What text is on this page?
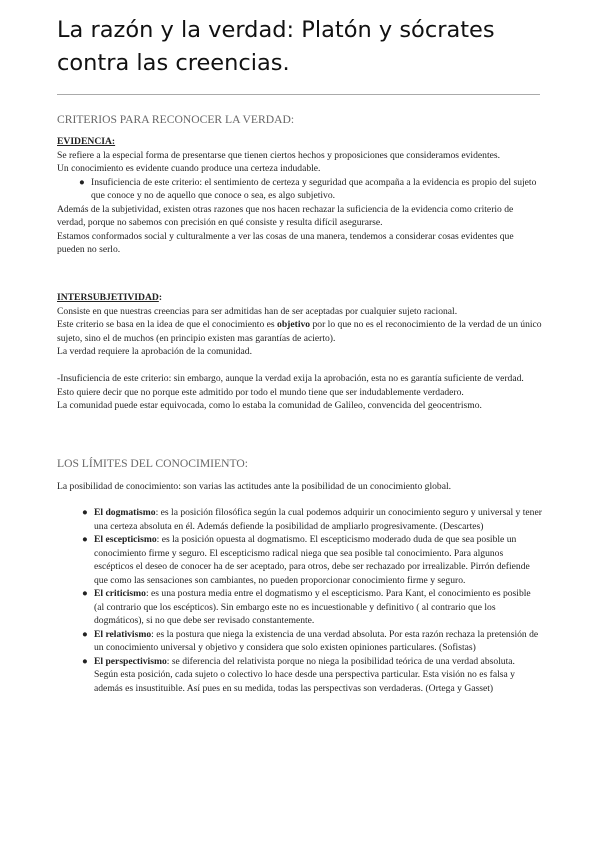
La razón y la verdad: Platón y sócrates
contra las creencias.
CRITERIOS PARA RECONOCER LA VERDAD:

EVIDENCIA:

Se refiere a la especial forma de presentarse que tienen ciertos hechos y proposiciones que consideramos evidentes.

Un conocimiento es evidente cuando produce una certeza indudable.

● Insuficiencia de este criterio: el sentimiento de certeza y seguridad que acompaña a la evidencia es propio del sujeto que conoce y no de aquello que conoce o sea, es algo subjetivo.

Además de la subjetividad, existen otras razones que nos hacen rechazar la suficiencia de la evidencia como criterio de verdad, porque no sabemos con precisión en qué consiste y resulta difícil asegurarse.

Estamos conformados social y culturalmente a ver las cosas de una manera, tendemos a considerar cosas evidentes que pueden no serlo.

INTERSUBJETIVIDAD:

Consiste en que nuestras creencias para ser admitidas han de ser aceptadas por cualquier sujeto racional.

Este criterio se basa en la idea de que el conocimiento es objetivo por lo que no es el reconocimiento de la verdad de un único sujeto, sino el de muchos (en principio existen mas garantías de acierto).

La verdad requiere la aprobación de la comunidad.

-Insuficiencia de este criterio: sin embargo, aunque la verdad exija la aprobación, esta no es garantía suficiente de verdad. Esto quiere decir que no porque este admitido por todo el mundo tiene que ser indudablemente verdadero.

La comunidad puede estar equivocada, como lo estaba la comunidad de Galileo, convencida del geocentrismo.

LOS LÍMITES DEL CONOCIMIENTO:

La posibilidad de conocimiento: son varias las actitudes ante la posibilidad de un conocimiento global.

● El dogmatismo: es la posición filosófica según la cual podemos adquirir un conocimiento seguro y universal y tener una certeza absoluta en él. Además defiende la posibilidad de ampliarlo progresivamente. (Descartes)
● El escepticismo: es la posición opuesta al dogmatismo. El escepticismo moderado duda de que sea posible un conocimiento firme y seguro. El escepticismo radical niega que sea posible tal conocimiento. Para algunos escépticos el deseo de conocer ha de ser aceptado, para otros, debe ser rechazado por irrealizable. Pirrón defiende que como las sensaciones son cambiantes, no pueden proporcionar conocimiento firme y seguro.
● El criticismo: es una postura media entre el dogmatismo y el escepticismo. Para Kant, el conocimiento es posible (al contrario que los escépticos). Sin embargo este no es incuestionable y definitivo ( al contrario que los dogmáticos), si no que debe ser revisado constantemente.
● El relativismo: es la postura que niega la existencia de una verdad absoluta. Por esta razón rechaza la pretensión de un conocimiento universal y objetivo y considera que solo existen opiniones particulares. (Sofistas)
● El perspectivismo: se diferencia del relativista porque no niega la posibilidad teórica de una verdad absoluta.
Según esta posición, cada sujeto o colectivo lo hace desde una perspectiva particular. Esta visión no es falsa y además es insustituible. Así pues en su medida, todas las perspectivas son verdaderas. (Ortega y Gasset)
